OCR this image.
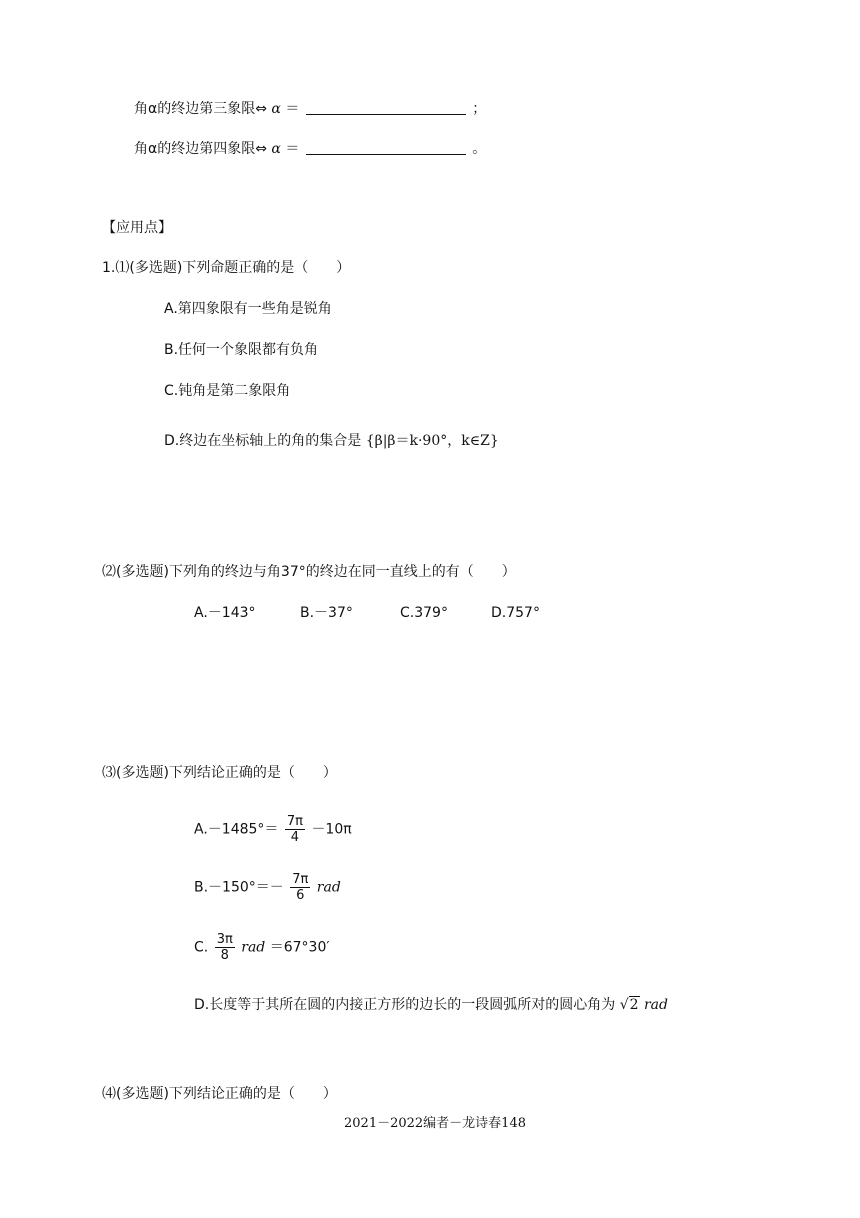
角α的终边第三象限⇔ α ＝	；
角α的终边第四象限⇔ α ＝	。
【应用点】
1.⑴(多选题)下列命题正确的是（　　）
A.第四象限有一些角是锐角
B.任何一个象限都有负角
C.钝角是第二象限角
D.终边在坐标轴上的角的集合是 {β|β＝k·90°，k∈Z}
⑵(多选题)下列角的终边与角37°的终边在同一直线上的有（　　）
A.－143°	B.－37°	C.379°	D.757°
⑶(多选题)下列结论正确的是（　　）
$A.-1485^\circ= \frac{7\pi}{4} -10\pi$
$B.-150^\circ=- \frac{7\pi}{6}$ rad
C. $\frac{3\pi}{8}$ rad ＝67°30′
D.长度等于其所在圆的内接正方形的边长的一段圆弧所对的圆心角为 √2 rad
⑷(多选题)下列结论正确的是（　　）
2021－2022编者－龙诗春148
